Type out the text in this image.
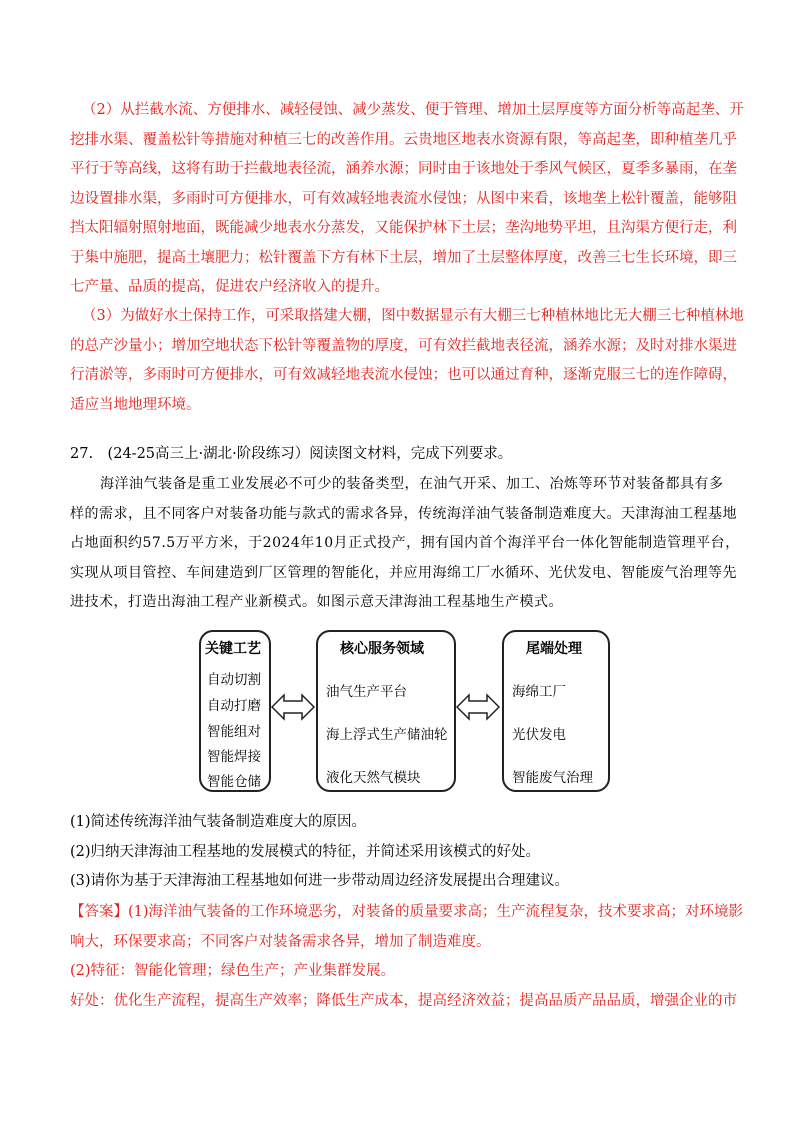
（2）从拦截水流、方便排水、减轻侵蚀、减少蒸发、便于管理、增加土层厚度等方面分析等高起垄、开

挖排水渠、覆盖松针等措施对种植三七的改善作用。云贵地区地表水资源有限，等高起垄，即种植垄几乎

平行于等高线，这将有助于拦截地表径流，涵养水源；同时由于该地处于季风气候区，夏季多暴雨，在垄

边设置排水渠，多雨时可方便排水，可有效减轻地表流水侵蚀；从图中来看，该地垄上松针覆盖，能够阻

挡太阳辐射照射地面，既能减少地表水分蒸发，又能保护林下土层；垄沟地势平坦，且沟渠方便行走，利

于集中施肥，提高土壤肥力；松针覆盖下方有林下土层，增加了土层整体厚度，改善三七生长环境，即三

七产量、品质的提高，促进农户经济收入的提升。

（3）为做好水土保持工作，可采取搭建大棚，图中数据显示有大棚三七种植林地比无大棚三七种植林地

的总产沙量小；增加空地状态下松针等覆盖物的厚度，可有效拦截地表径流，涵养水源；及时对排水渠进

行清淤等，多雨时可方便排水，可有效减轻地表流水侵蚀；也可以通过育种，逐渐克服三七的连作障碍，

适应当地地理环境。

27.　(24-25高三上·湖北·阶段练习）阅读图文材料，完成下列要求。

海洋油气装备是重工业发展必不可少的装备类型，在油气开采、加工、冶炼等环节对装备都具有多

样的需求，且不同客户对装备功能与款式的需求各异，传统海洋油气装备制造难度大。天津海油工程基地

占地面积约57.5万平方米，于2024年10月正式投产，拥有国内首个海洋平台一体化智能制造管理平台，

实现从项目管控、车间建造到厂区管理的智能化，并应用海绵工厂水循环、光伏发电、智能废气治理等先

进技术，打造出海油工程产业新模式。如图示意天津海油工程基地生产模式。

关键工艺
自动切割
自动打磨
智能组对
智能焊接
智能仓储
核心服务领域
油气生产平台
海上浮式生产储油轮
液化天然气模块
尾端处理
海绵工厂
光伏发电
智能废气治理

(1)简述传统海洋油气装备制造难度大的原因。

(2)归纳天津海油工程基地的发展模式的特征，并简述采用该模式的好处。

(3)请你为基于天津海油工程基地如何进一步带动周边经济发展提出合理建议。

【答案】(1)海洋油气装备的工作环境恶劣，对装备的质量要求高；生产流程复杂，技术要求高；对环境影

响大，环保要求高；不同客户对装备需求各异，增加了制造难度。

(2)特征：智能化管理；绿色生产；产业集群发展。

好处：优化生产流程，提高生产效率；降低生产成本，提高经济效益；提高品质产品品质，增强企业的市
